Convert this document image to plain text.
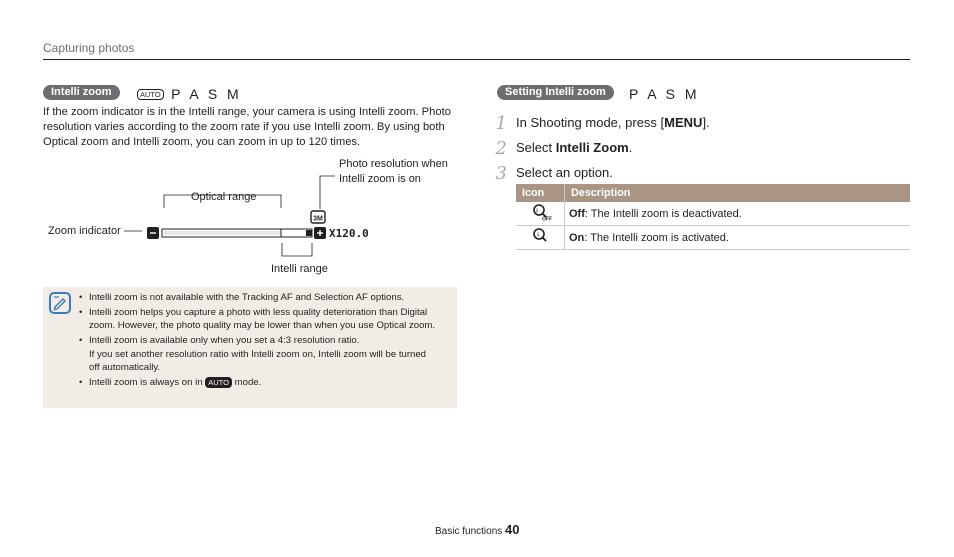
Capturing photos
Intelli zoom	AUTO P A S M
If the zoom indicator is in the Intelli range, your camera is using Intelli zoom. Photo resolution varies according to the zoom rate if you use Intelli zoom. By using both Optical zoom and Intelli zoom, you can zoom in up to 120 times.
Optical range
Photo resolution when Intelli zoom is on
Zoom indicator
Intelli range
3M
X120.0
• Intelli zoom is not available with the Tracking AF and Selection AF options.
• Intelli zoom helps you capture a photo with less quality deterioration than Digital zoom. However, the photo quality may be lower than when you use Optical zoom.
• Intelli zoom is available only when you set a 4:3 resolution ratio.
If you set another resolution ratio with Intelli zoom on, Intelli zoom will be turned off automatically.
• Intelli zoom is always on in AUTO mode.
Setting Intelli zoom	P A S M
1 In Shooting mode, press [MENU].
2 Select Intelli Zoom.
3 Select an option.
Icon	Description

i
OFF	Off: The Intelli zoom is deactivated.

i	On: The Intelli zoom is activated.
Basic functions 40
